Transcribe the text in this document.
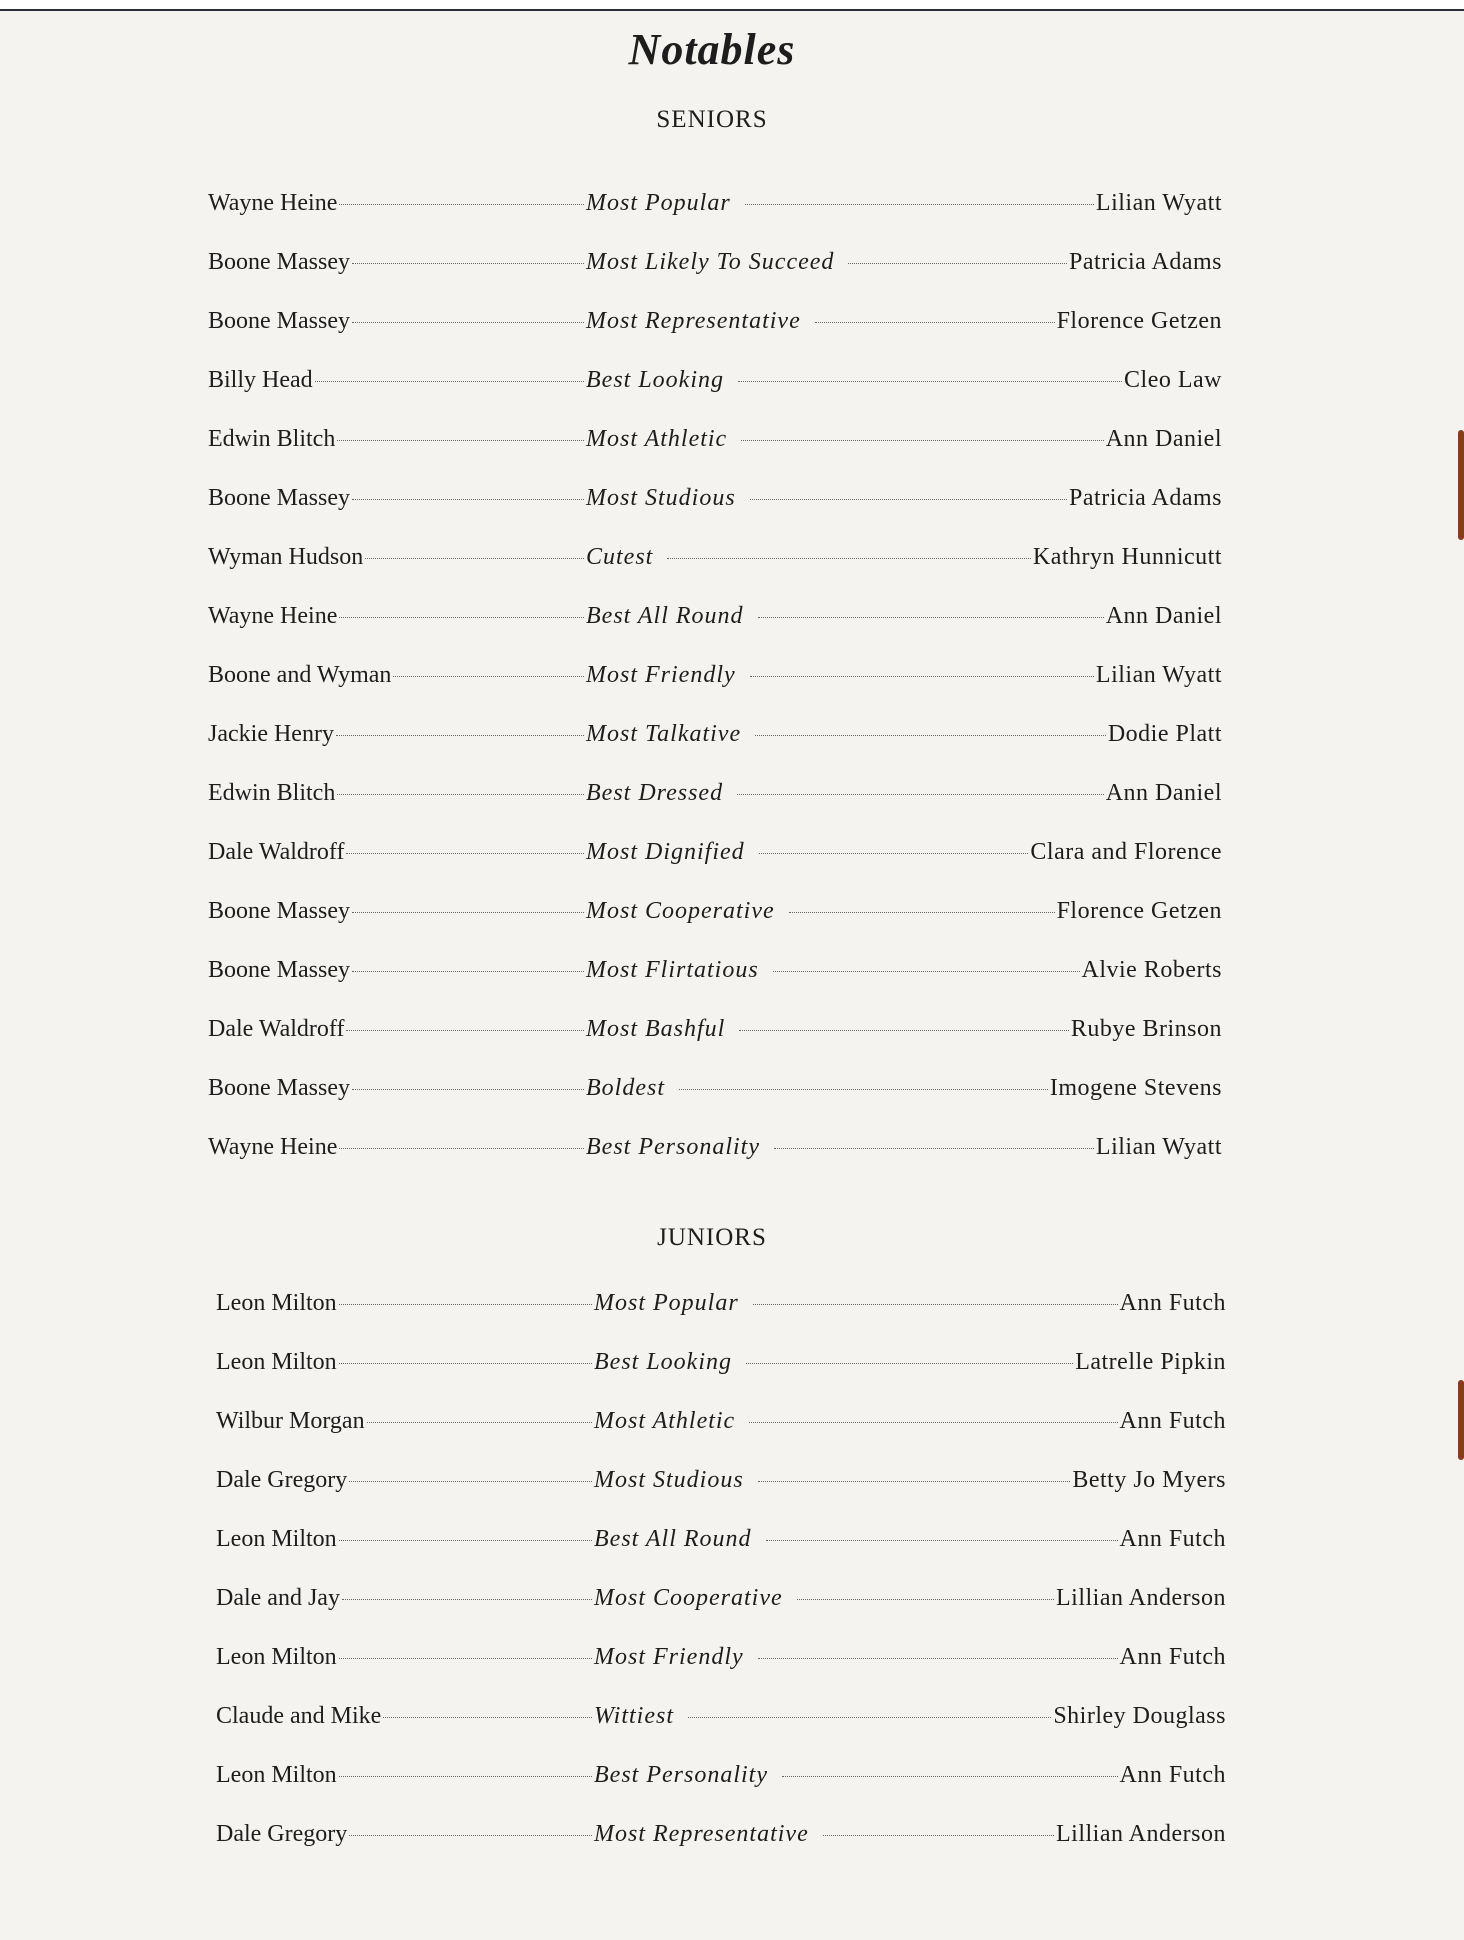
Notables
SENIORS
Wayne Heine	Most Popular	Lilian Wyatt
Boone Massey	Most Likely To Succeed	Patricia Adams
Boone Massey	Most Representative	Florence Getzen
Billy Head	Best Looking	Cleo Law
Edwin Blitch	Most Athletic	Ann Daniel
Boone Massey	Most Studious	Patricia Adams
Wyman Hudson	Cutest	Kathryn Hunnicutt
Wayne Heine	Best All Round	Ann Daniel
Boone and Wyman	Most Friendly	Lilian Wyatt
Jackie Henry	Most Talkative	Dodie Platt
Edwin Blitch	Best Dressed	Ann Daniel
Dale Waldroff	Most Dignified	Clara and Florence
Boone Massey	Most Cooperative	Florence Getzen
Boone Massey	Most Flirtatious	Alvie Roberts
Dale Waldroff	Most Bashful	Rubye Brinson
Boone Massey	Boldest	Imogene Stevens
Wayne Heine	Best Personality	Lilian Wyatt
JUNIORS
Leon Milton	Most Popular	Ann Futch
Leon Milton	Best Looking	Latrelle Pipkin
Wilbur Morgan	Most Athletic	Ann Futch
Dale Gregory	Most Studious	Betty Jo Myers
Leon Milton	Best All Round	Ann Futch
Dale and Jay	Most Cooperative	Lillian Anderson
Leon Milton	Most Friendly	Ann Futch
Claude and Mike	Wittiest	Shirley Douglass
Leon Milton	Best Personality	Ann Futch
Dale Gregory	Most Representative	Lillian Anderson
